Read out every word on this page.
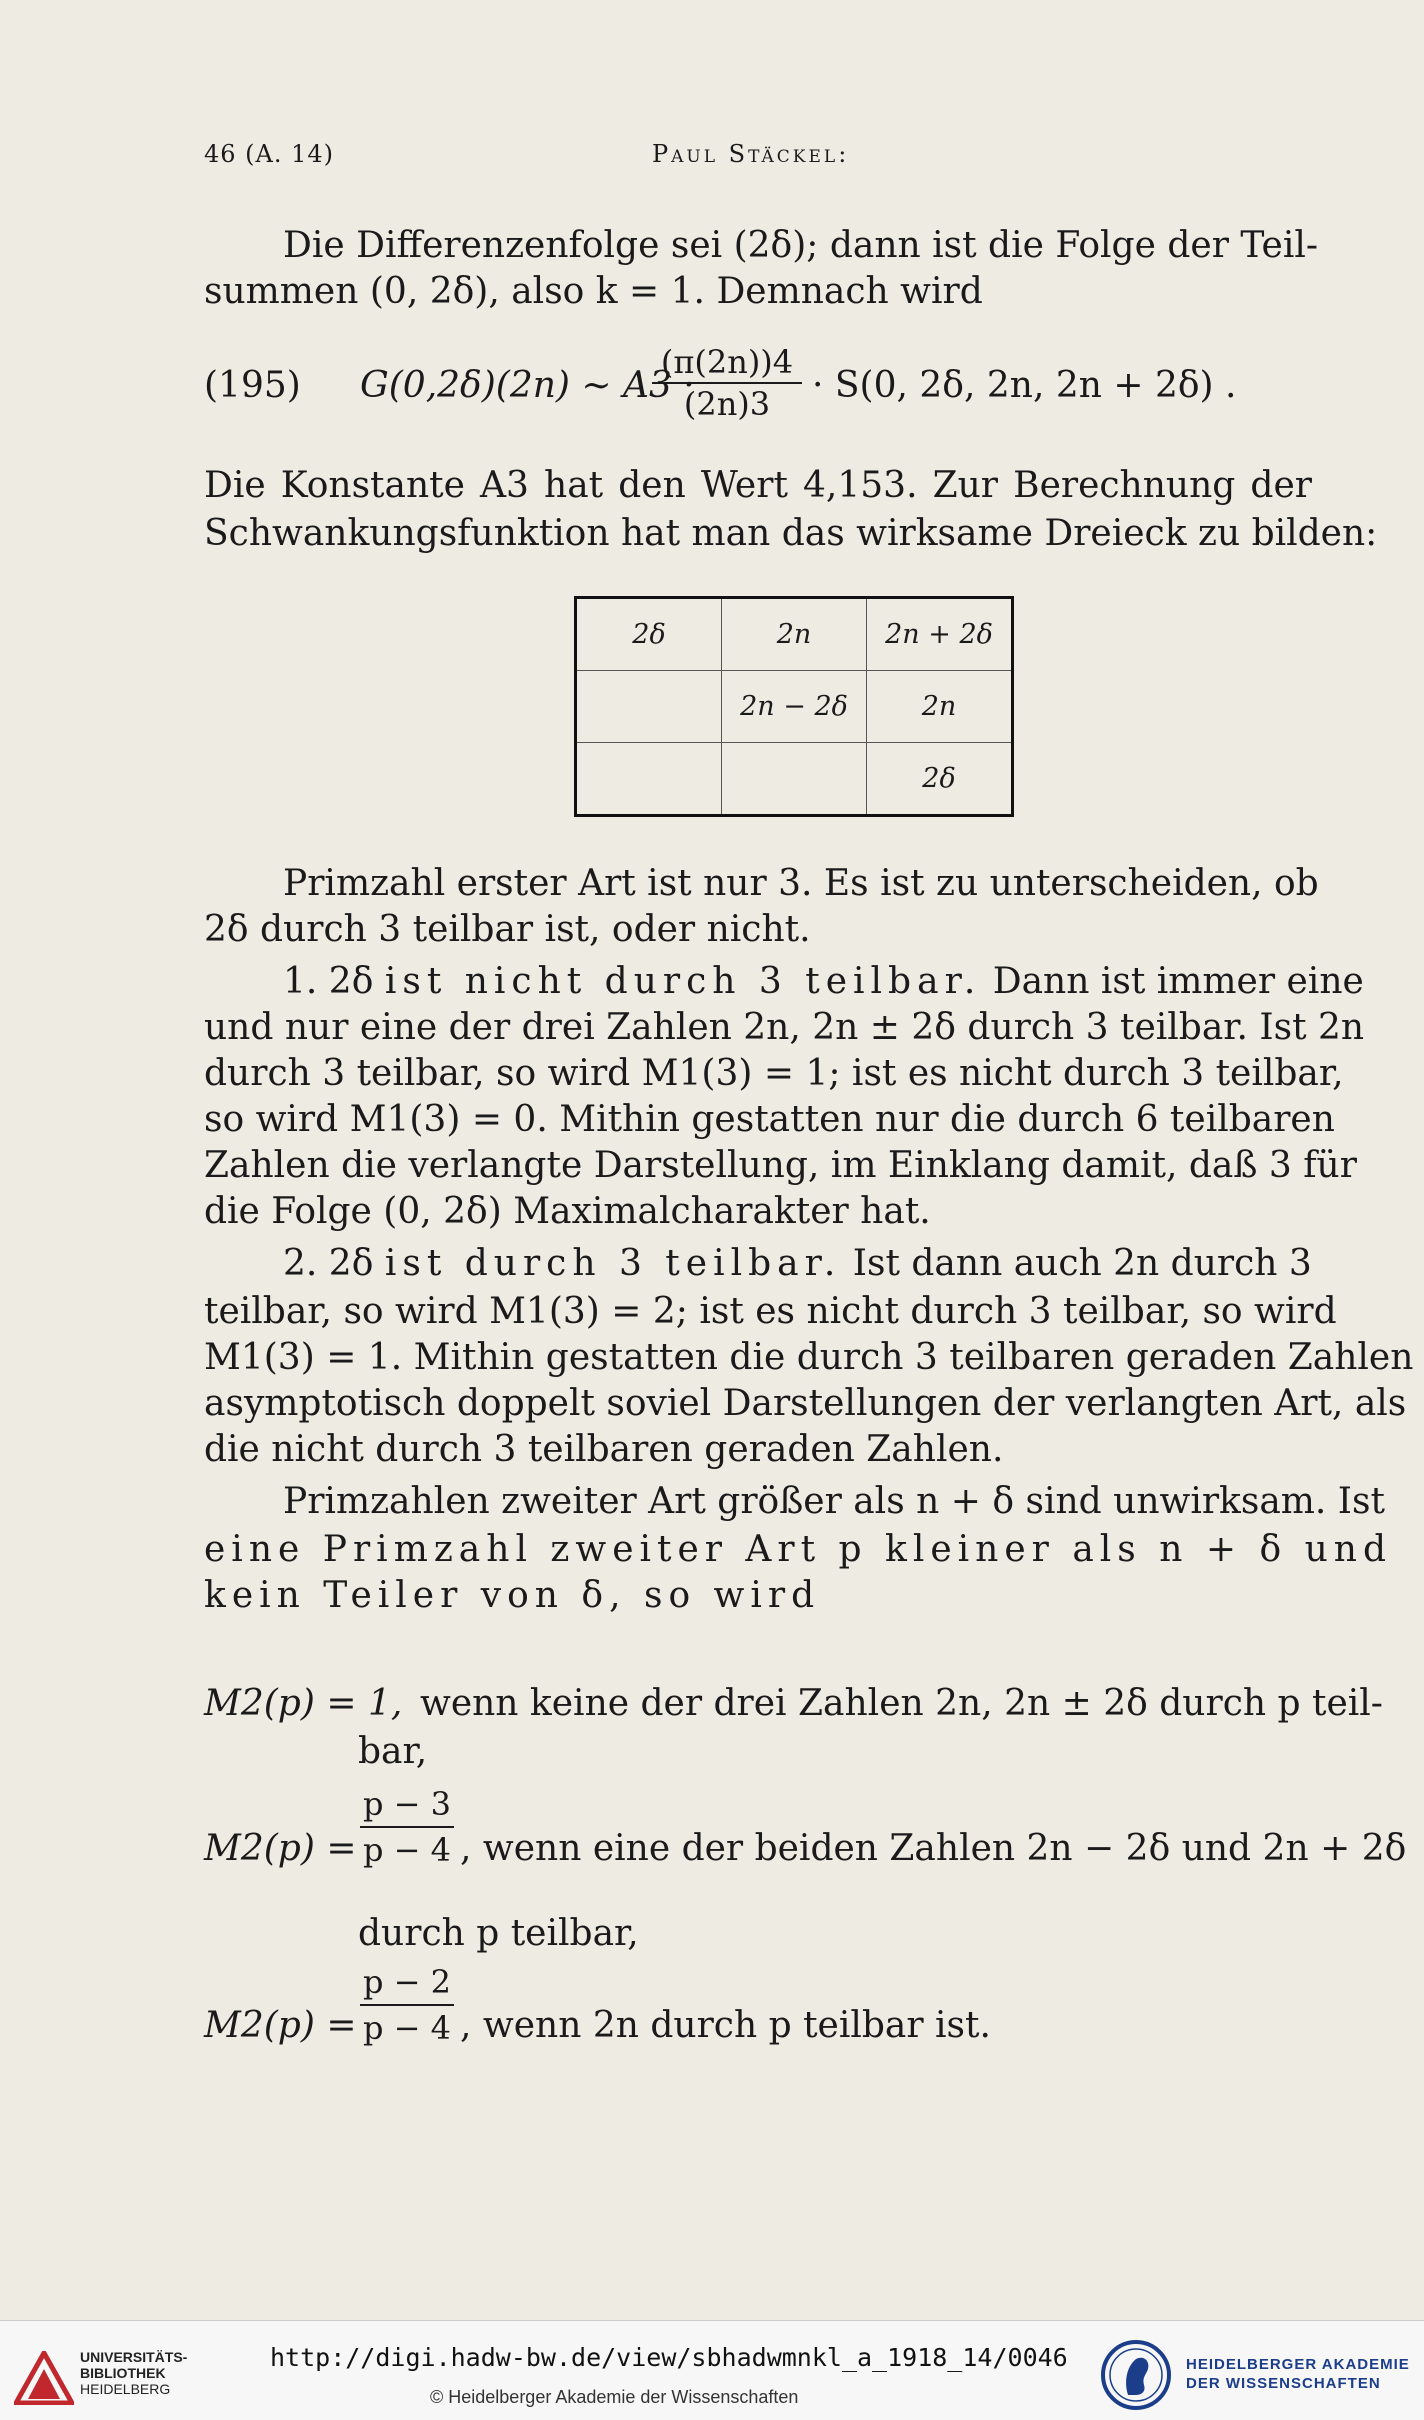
46 (A. 14)	Paul Stäckel:
Die Differenzenfolge sei (2δ); dann ist die Folge der Teil-
summen (0, 2δ), also k = 1. Demnach wird
(195) G(0,2δ)(2n) ∼ A3 ·
$\frac{(\pi(2n))4}{(2n)3} \cdot S(0$, 2δ, 2n, 2n + 2δ) .
Die Konstante A3 hat den Wert 4,153. Zur Berechnung der
Schwankungsfunktion hat man das wirksame Dreieck zu bilden:
2δ	2n	2n + 2δ
	2n − 2δ	2n
		2δ
Primzahl erster Art ist nur 3. Es ist zu unterscheiden, ob
2δ durch 3 teilbar ist, oder nicht.
1. 2δ ist nicht durch 3 teilbar. Dann ist immer eine
und nur eine der drei Zahlen 2n, 2n ± 2δ durch 3 teilbar. Ist 2n
durch 3 teilbar, so wird M1(3) = 1; ist es nicht durch 3 teilbar,
so wird M1(3) = 0. Mithin gestatten nur die durch 6 teilbaren
Zahlen die verlangte Darstellung, im Einklang damit, daß 3 für
die Folge (0, 2δ) Maximalcharakter hat.
2. 2δ ist durch 3 teilbar. Ist dann auch 2n durch 3
teilbar, so wird M1(3) = 2; ist es nicht durch 3 teilbar, so wird
M1(3) = 1. Mithin gestatten die durch 3 teilbaren geraden Zahlen
asymptotisch doppelt soviel Darstellungen der verlangten Art, als
die nicht durch 3 teilbaren geraden Zahlen.
Primzahlen zweiter Art größer als n + δ sind unwirksam. Ist
eine Primzahl zweiter Art p kleiner als n + δ und
kein Teiler von δ, so wird
M2(p) = 1, wenn keine der drei Zahlen 2n, 2n ± 2δ durch p teil-
bar,
$M2(p) = \frac{p - 3}{p - 4}$ , wenn eine der beiden Zahlen 2n − 2δ und 2n + 2δ
durch p teilbar,
$M2(p) = \frac{p - 2}{p - 4}$ , wenn 2n durch p teilbar ist.
UNIVERSITÄTS-
BIBLIOTHEK
HEIDELBERG
http://digi.hadw-bw.de/view/sbhadwmnkl_a_1918_14/0046
© Heidelberger Akademie der Wissenschaften
HEIDELBERGER AKADEMIE
DER WISSENSCHAFTEN
